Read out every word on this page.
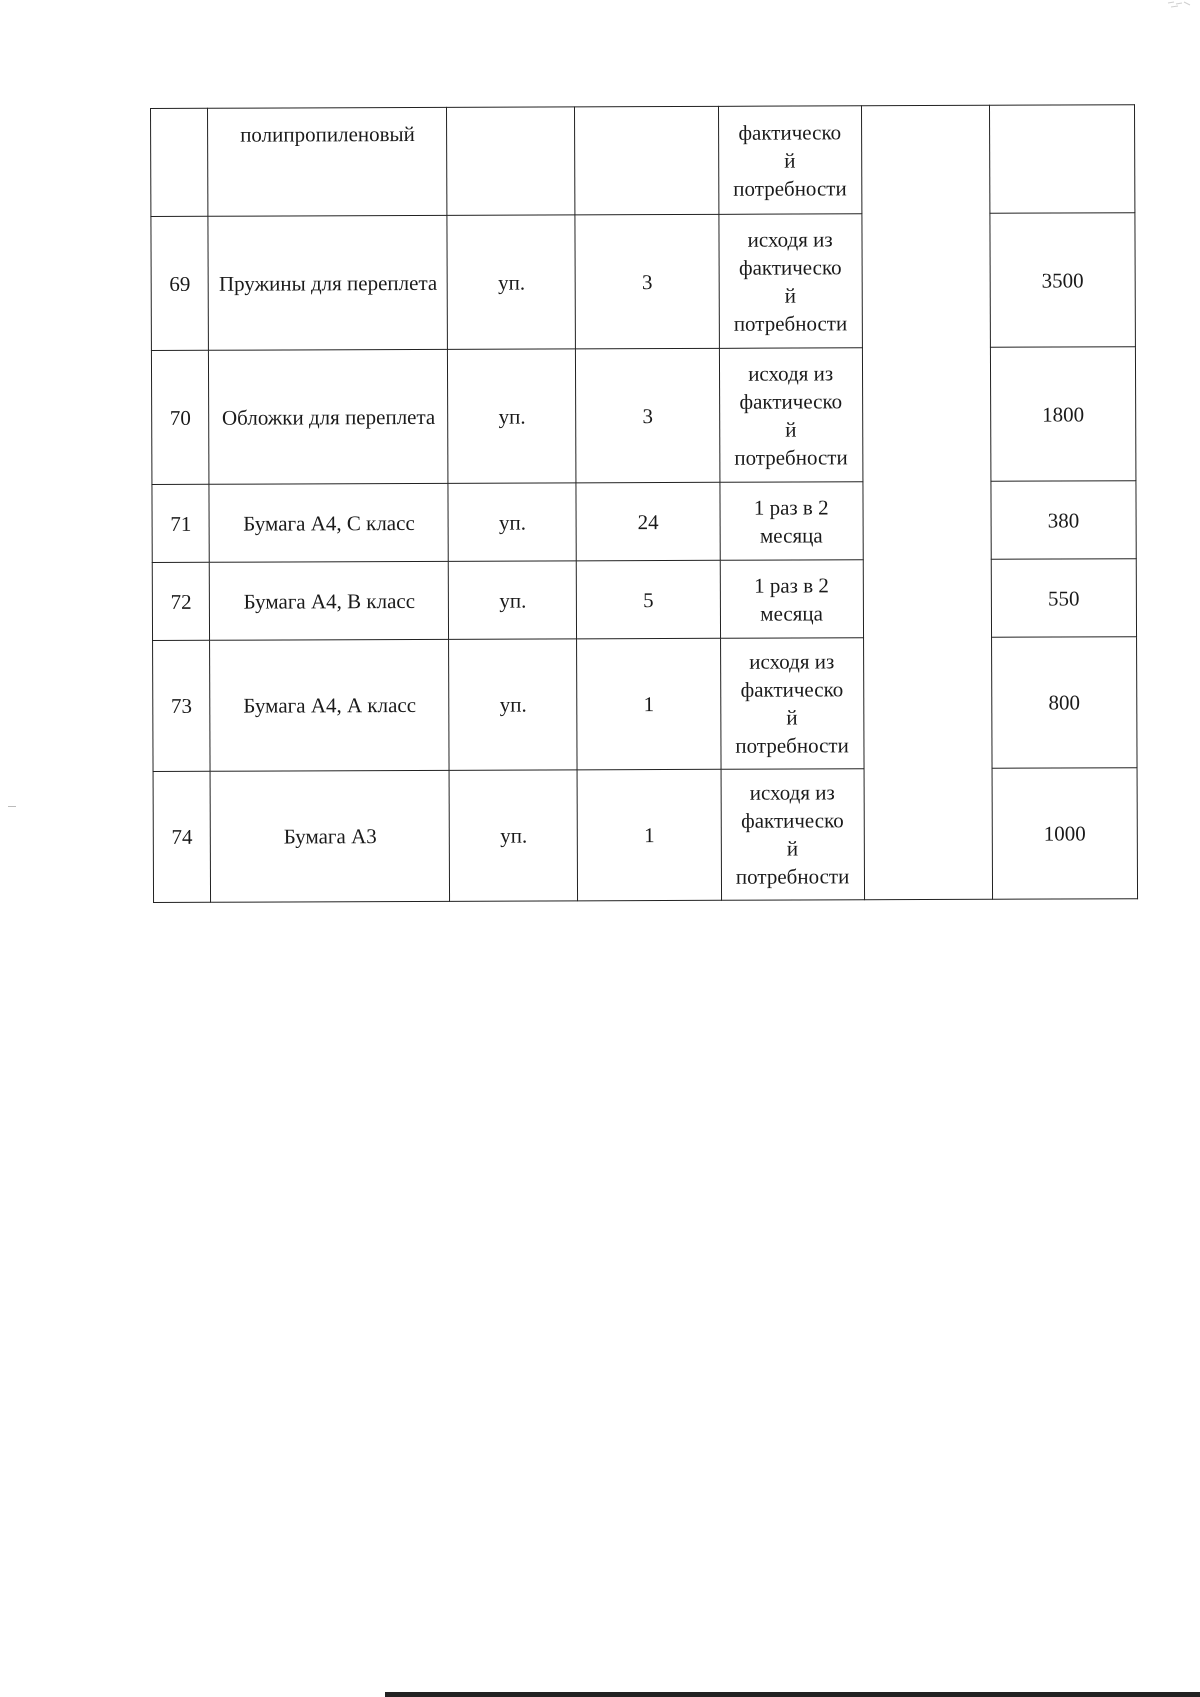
	полипропиленовый			фактическо
й
потребности		

69	Пружины для переплета	уп.	3	исходя из
фактическо
й
потребности		3500
70	Обложки для переплета	уп.	3	исходя из
фактическо
й
потребности		1800
71	Бумага А4, С класс	уп.	24	1 раз в 2
месяца		380
72	Бумага А4, В класс	уп.	5	1 раз в 2
месяца		550
73	Бумага А4, А класс	уп.	1	исходя из
фактическо
й
потребности		800
74	Бумага А3	уп.	1	исходя из
фактическо
й
потребности		1000
